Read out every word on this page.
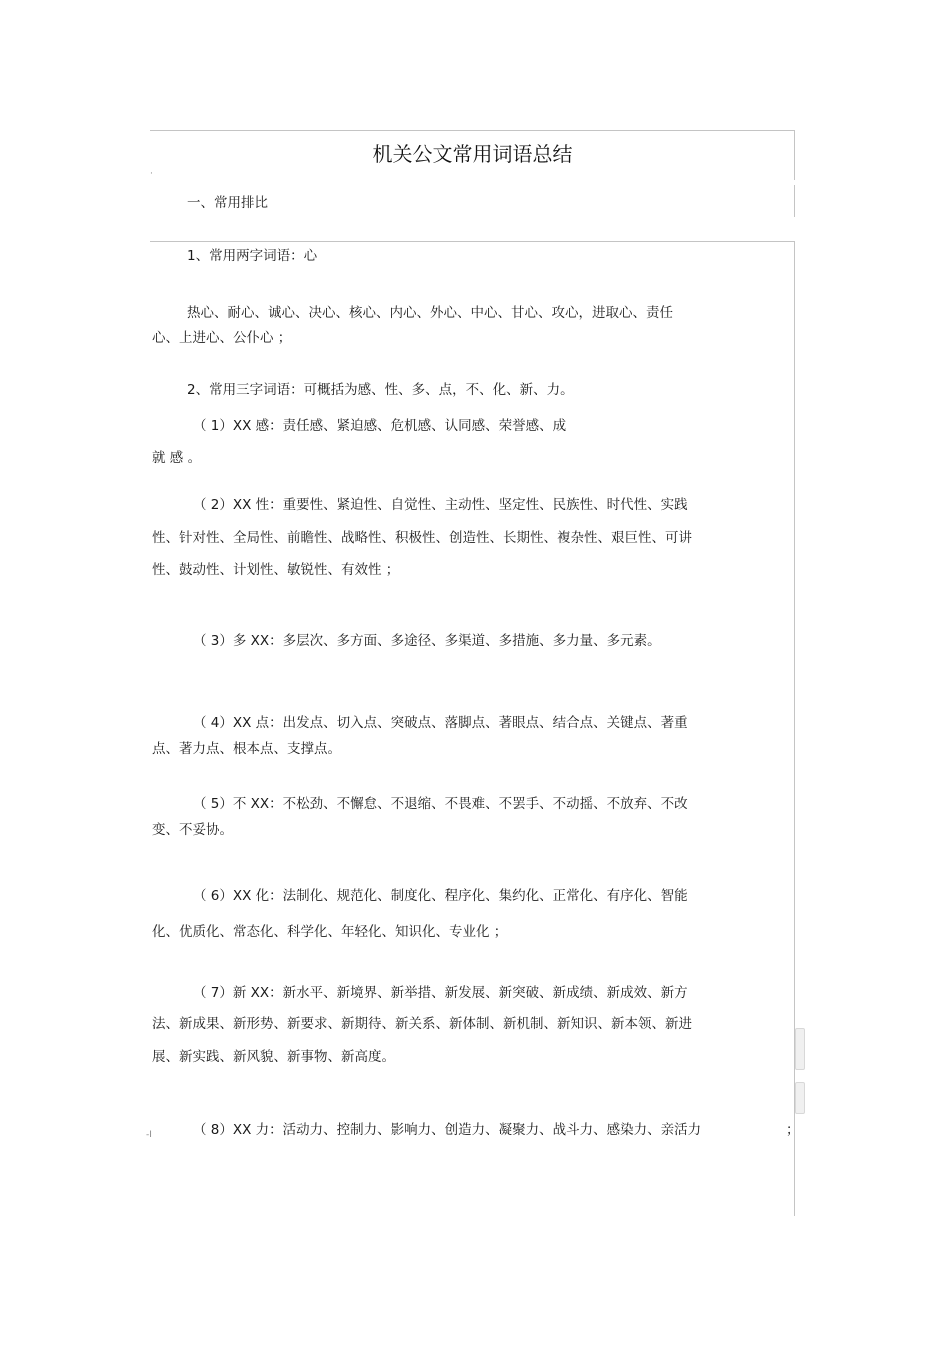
机关公文常用词语总结
·
一、常用排比
1、常用两字词语：心
热心、耐心、诚心、决心、核心、内心、外心、中心、甘心、攻心，进取心、责任
心、上进心、公仆心 ；
2、常用三字词语：可概括为感、性、多、点，不、化、新、力。
（ 1）XX 感：责任感、紧迫感、危机感、认同感、荣誉感、成
就 感 。
（ 2）XX 性：重要性、紧迫性、自觉性、主动性、坚定性、民族性、时代性、实践
性、针对性、全局性、前瞻性、战略性、积极性、创造性、长期性、複杂性、艰巨性、可讲
性、鼓动性、计划性、敏锐性、有效性 ；
（ 3）多 XX：多层次、多方面、多途径、多渠道、多措施、多力量、多元素。
（ 4）XX 点：出发点、切入点、突破点、落脚点、著眼点、结合点、关键点、著重
点、著力点、根本点、支撑点。
（ 5）不 XX：不松劲、不懈怠、不退缩、不畏难、不罢手、不动摇、不放弃、不改
变、不妥协。
（ 6）XX 化：法制化、规范化、制度化、程序化、集约化、正常化、有序化、智能
化、优质化、常态化、科学化、年轻化、知识化、专业化 ；
（ 7）新 XX：新水平、新境界、新举措、新发展、新突破、新成绩、新成效、新方
法、新成果、新形势、新要求、新期待、新关系、新体制、新机制、新知识、新本领、新进
展、新实践、新风貌、新事物、新高度。
-I	（ 8）XX 力：活动力、控制力、影响力、创造力、凝聚力、战斗力、感染力、亲活力	；
